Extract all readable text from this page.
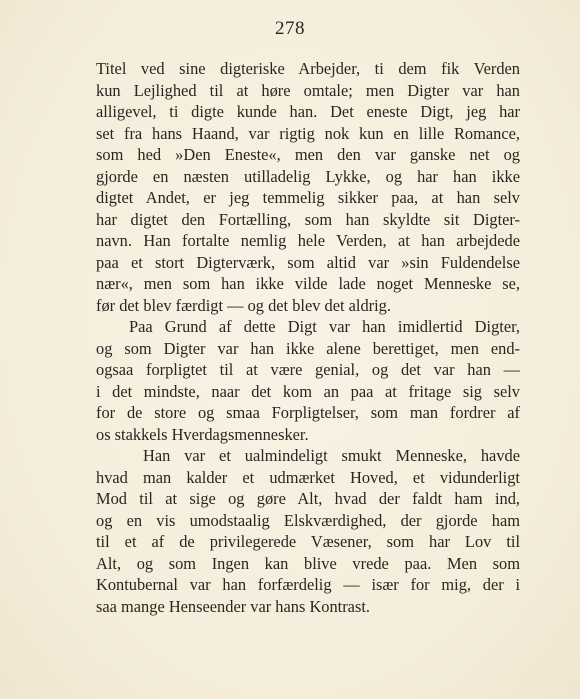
278
Titel ved sine digteriske Arbejder, ti dem fik Verden
kun Lejlighed til at høre omtale; men Digter var han
alligevel, ti digte kunde han. Det eneste Digt, jeg har
set fra hans Haand, var rigtig nok kun en lille Romance,
som hed »Den Eneste«, men den var ganske net og
gjorde en næsten utilladelig Lykke, og har han ikke
digtet Andet, er jeg temmelig sikker paa, at han selv
har digtet den Fortælling, som han skyldte sit Digter-
navn. Han fortalte nemlig hele Verden, at han arbejdede
paa et stort Digterværk, som altid var »sin Fuldendelse
nær«, men som han ikke vilde lade noget Menneske se,
før det blev færdigt — og det blev det aldrig.
Paa Grund af dette Digt var han imidlertid Digter,
og som Digter var han ikke alene berettiget, men end-
ogsaa forpligtet til at være genial, og det var han —
i det mindste, naar det kom an paa at fritage sig selv
for de store og smaa Forpligtelser, som man fordrer af
os stakkels Hverdagsmennesker.
Han var et ualmindeligt smukt Menneske, havde
hvad man kalder et udmærket Hoved, et vidunderligt
Mod til at sige og gøre Alt, hvad der faldt ham ind,
og en vis umodstaalig Elskværdighed, der gjorde ham
til et af de privilegerede Væsener, som har Lov til
Alt, og som Ingen kan blive vrede paa. Men som
Kontubernal var han forfærdelig — især for mig, der i
saa mange Henseender var hans Kontrast.
